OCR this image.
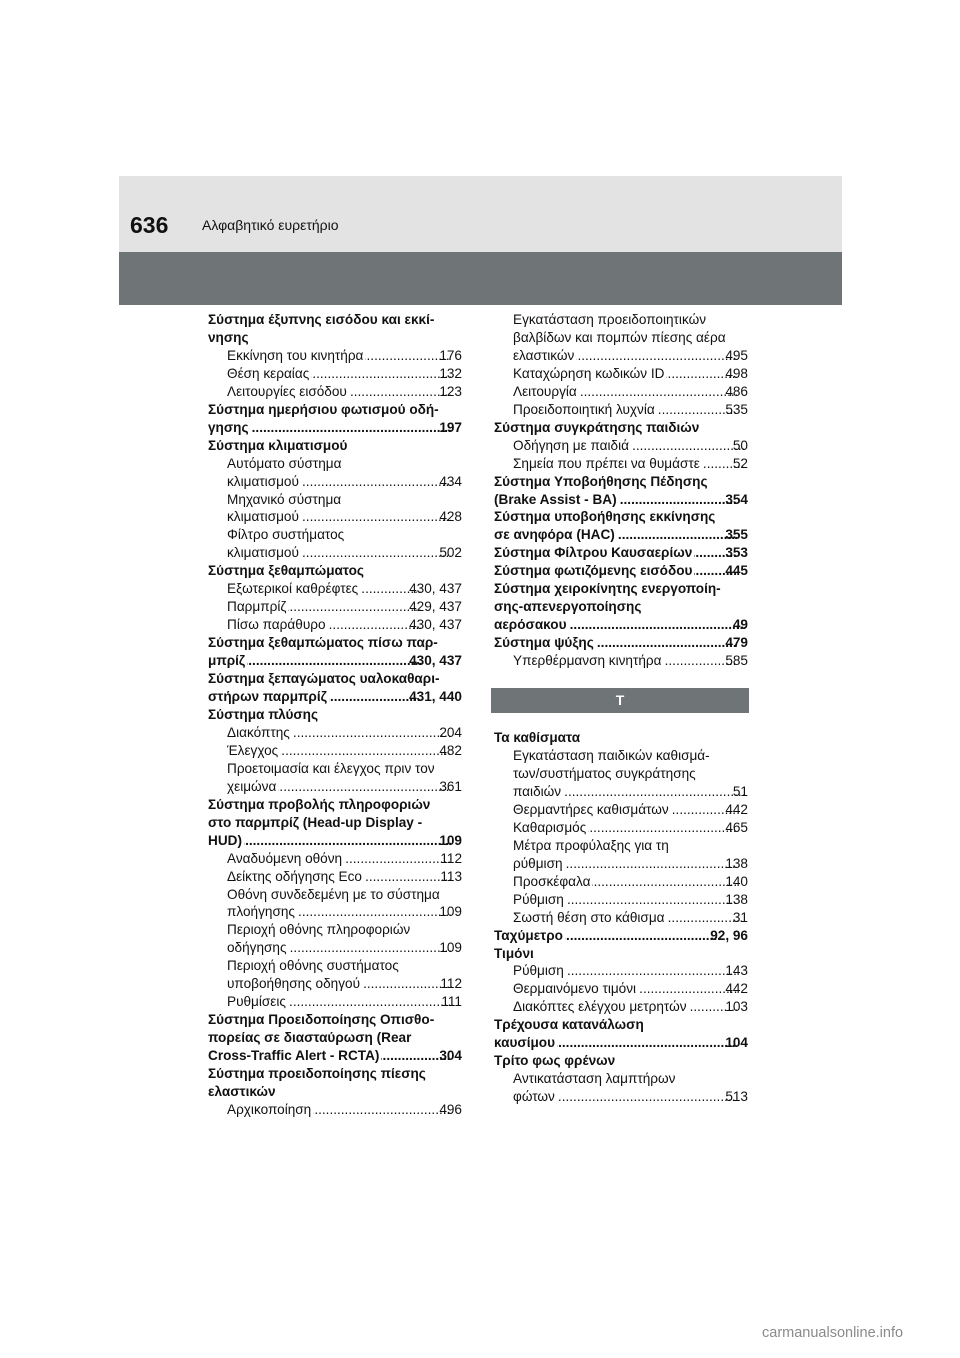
636 Αλφαβητικό ευρετήριο
Σύστημα έξυπνης εισόδου και εκκί-
νησης
Εκκίνηση του κινητήρα .....	176
Θέση κεραίας .....	132
Λειτουργίες εισόδου .....	123
Σύστημα ημερήσιου φωτισμού οδή-
γησης .....	197
Σύστημα κλιματισμού
Αυτόματο σύστημα
κλιματισμού .....	434
Μηχανικό σύστημα
κλιματισμού .....	428
Φίλτρο συστήματος
κλιματισμού .....	502
Σύστημα ξεθαμπώματος
Εξωτερικοί καθρέφτες .....	430, 437
Παρμπρίζ .....	429, 437
Πίσω παράθυρο .....	430, 437
Σύστημα ξεθαμπώματος πίσω παρ-
μπρίζ .....	430, 437
Σύστημα ξεπαγώματος υαλοκαθαρι-
στήρων παρμπρίζ .....	431, 440
Σύστημα πλύσης
Διακόπτης .....	204
Έλεγχος .....	482
Προετοιμασία και έλεγχος πριν τον
χειμώνα .....	361
Σύστημα προβολής πληροφοριών
στο παρμπρίζ (Head-up Display -
HUD) .....	109
Αναδυόμενη οθόνη .....	112
Δείκτης οδήγησης Eco .....	113
Οθόνη συνδεδεμένη με το σύστημα
πλοήγησης .....	109
Περιοχή οθόνης πληροφοριών
οδήγησης .....	109
Περιοχή οθόνης συστήματος
υποβοήθησης οδηγού .....	112
Ρυθμίσεις .....	111
Σύστημα Προειδοποίησης Οπισθο-
πορείας σε διασταύρωση (Rear
Cross-Traffic Alert - RCTA) .....	304
Σύστημα προειδοποίησης πίεσης
ελαστικών
Αρχικοποίηση .....	496
Εγκατάσταση προειδοποιητικών
βαλβίδων και πομπών πίεσης αέρα
ελαστικών .....	495
Καταχώρηση κωδικών ID .....	498
Λειτουργία .....	486
Προειδοποιητική λυχνία .....	535
Σύστημα συγκράτησης παιδιών
Οδήγηση με παιδιά .....	50
Σημεία που πρέπει να θυμάστε ..... 52
Σύστημα Υποβοήθησης Πέδησης
(Brake Assist - BA) .....	354
Σύστημα υποβοήθησης εκκίνησης
σε ανηφόρα (HAC) .....	355
Σύστημα Φίλτρου Καυσαερίων ..... 353
Σύστημα φωτιζόμενης εισόδου ..... 445
Σύστημα χειροκίνητης ενεργοποίη-
σης-απενεργοποίησης
αερόσακου .....	49
Σύστημα ψύξης .....	479
Υπερθέρμανση κινητήρα .....	585
Τ
Τα καθίσματα
Εγκατάσταση παιδικών καθισμά-
των/συστήματος συγκράτησης
παιδιών .....	51
Θερμαντήρες καθισμάτων .....	442
Καθαρισμός .....	465
Μέτρα προφύλαξης για τη
ρύθμιση .....	138
Προσκέφαλα .....	140
Ρύθμιση .....	138
Σωστή θέση στο κάθισμα .....	31
Ταχύμετρο .....	92, 96
Τιμόνι
Ρύθμιση .....	143
Θερμαινόμενο τιμόνι .....	442
Διακόπτες ελέγχου μετρητών .....	103
Τρέχουσα κατανάλωση
καυσίμου .....	104
Τρίτο φως φρένων
Αντικατάσταση λαμπτήρων
φώτων .....	513
carmanualsonline.info
